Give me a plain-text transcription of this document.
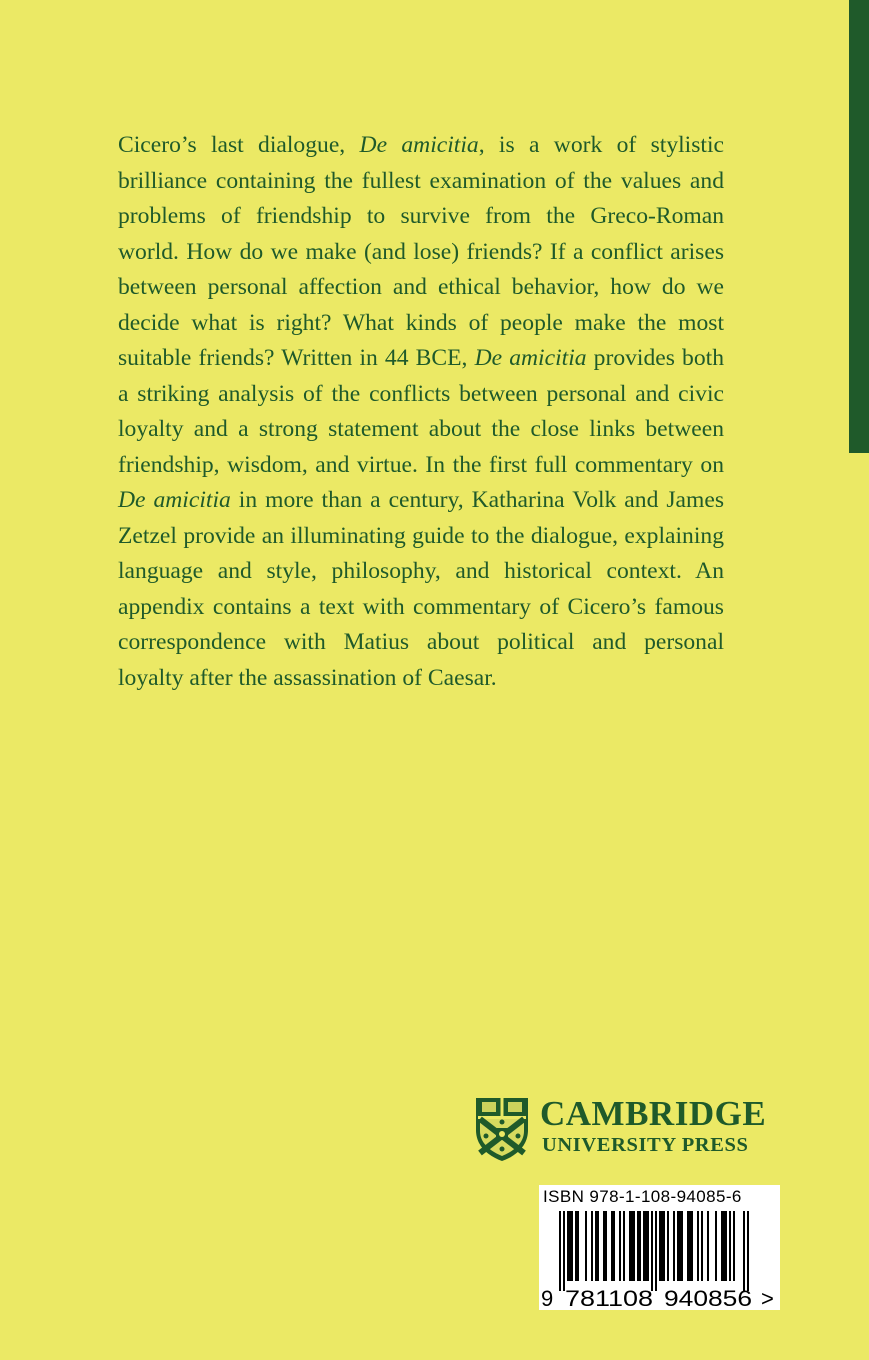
Cicero’s last dialogue, De amicitia, is a work of stylistic brilliance containing the fullest examination of the values and problems of friendship to survive from the Greco-Roman world. How do we make (and lose) friends? If a conflict arises between personal affection and ethical behavior, how do we decide what is right? What kinds of people make the most suitable friends? Written in 44 BCE, De amicitia provides both a striking analysis of the conflicts between personal and civic loyalty and a strong statement about the close links between friendship, wisdom, and virtue. In the first full commentary on De amicitia in more than a century, Katharina Volk and James Zetzel provide an illuminating guide to the dialogue, explaining language and style, philosophy, and historical context. An appendix contains a text with commentary of Cicero’s famous correspondence with Matius about political and personal loyalty after the assassination of Caesar.

CAMBRIDGE
UNIVERSITY PRESS
9 781108 940856 >
ISBN 978-1-108-94085-6
